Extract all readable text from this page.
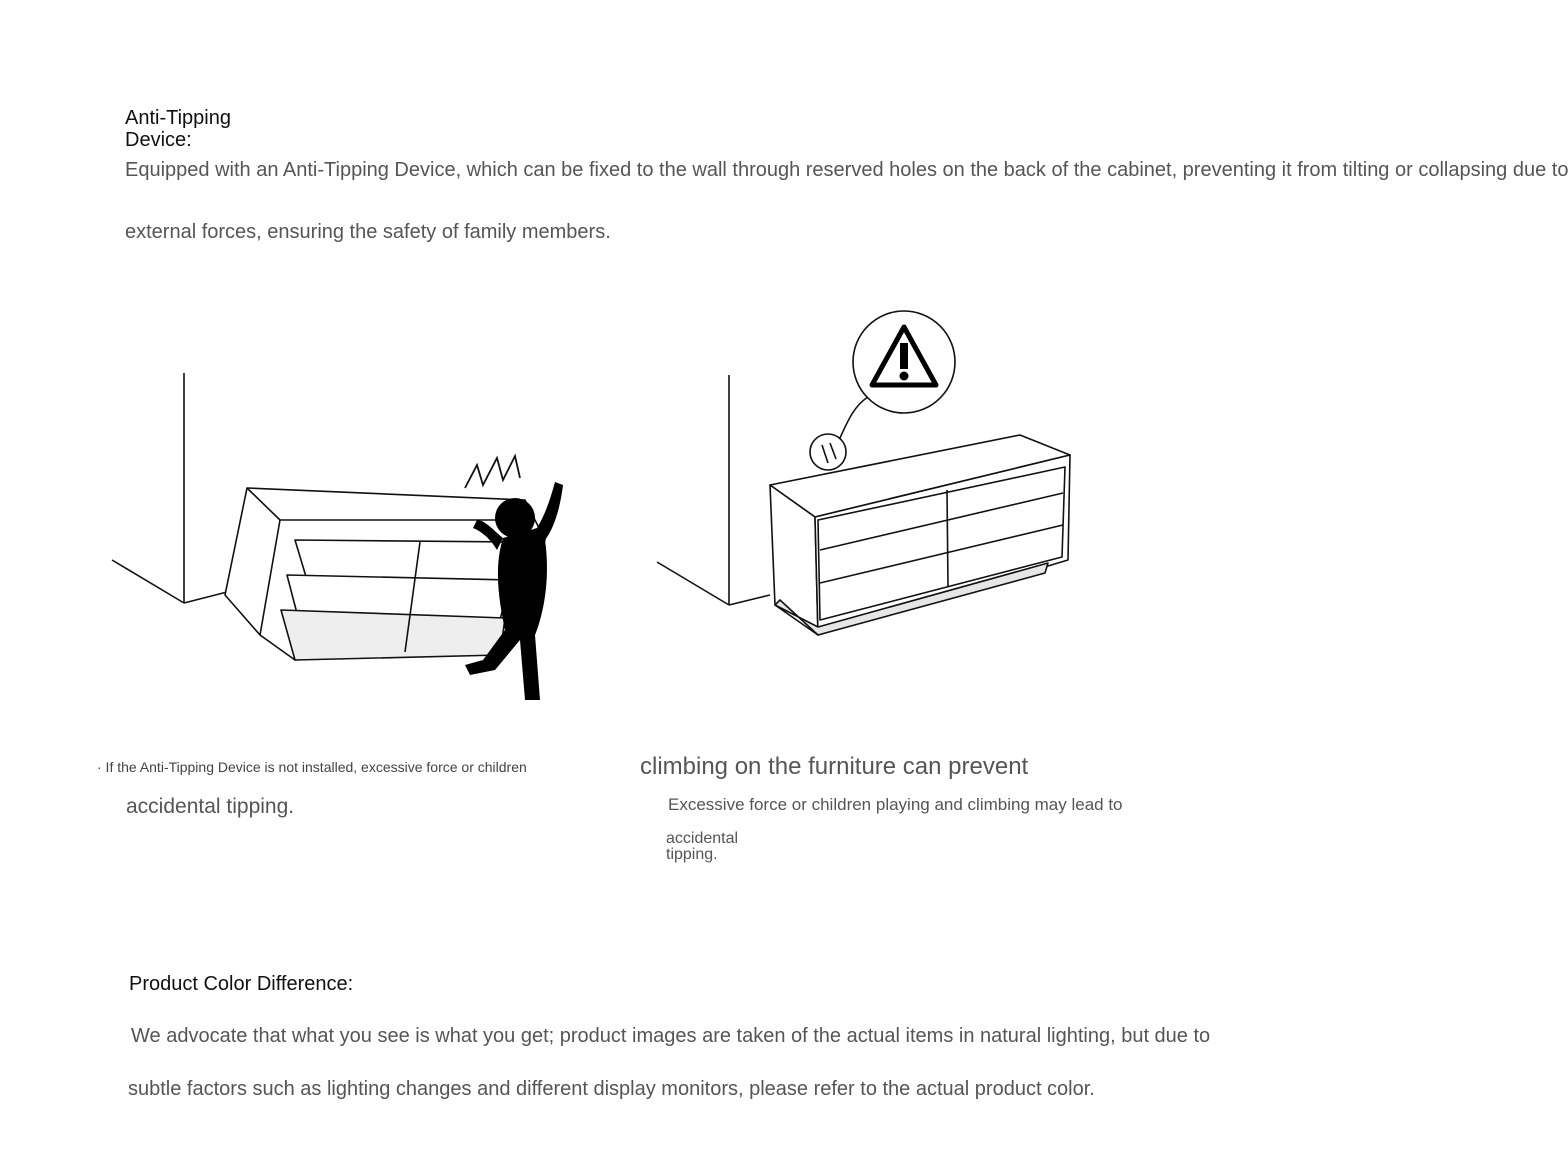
Anti-Tipping Device:
Equipped with an Anti-Tipping Device, which can be fixed to the wall through reserved holes on the back of the cabinet, preventing it from tilting or collapsing due to
external forces, ensuring the safety of family members.
· If the Anti-Tipping Device is not installed, excessive force or children
accidental tipping.
climbing on the furniture can prevent
Excessive force or children playing and climbing may lead to
accidental tipping.
Product Color Difference:
We advocate that what you see is what you get; product images are taken of the actual items in natural lighting, but due to
subtle factors such as lighting changes and different display monitors, please refer to the actual product color.
